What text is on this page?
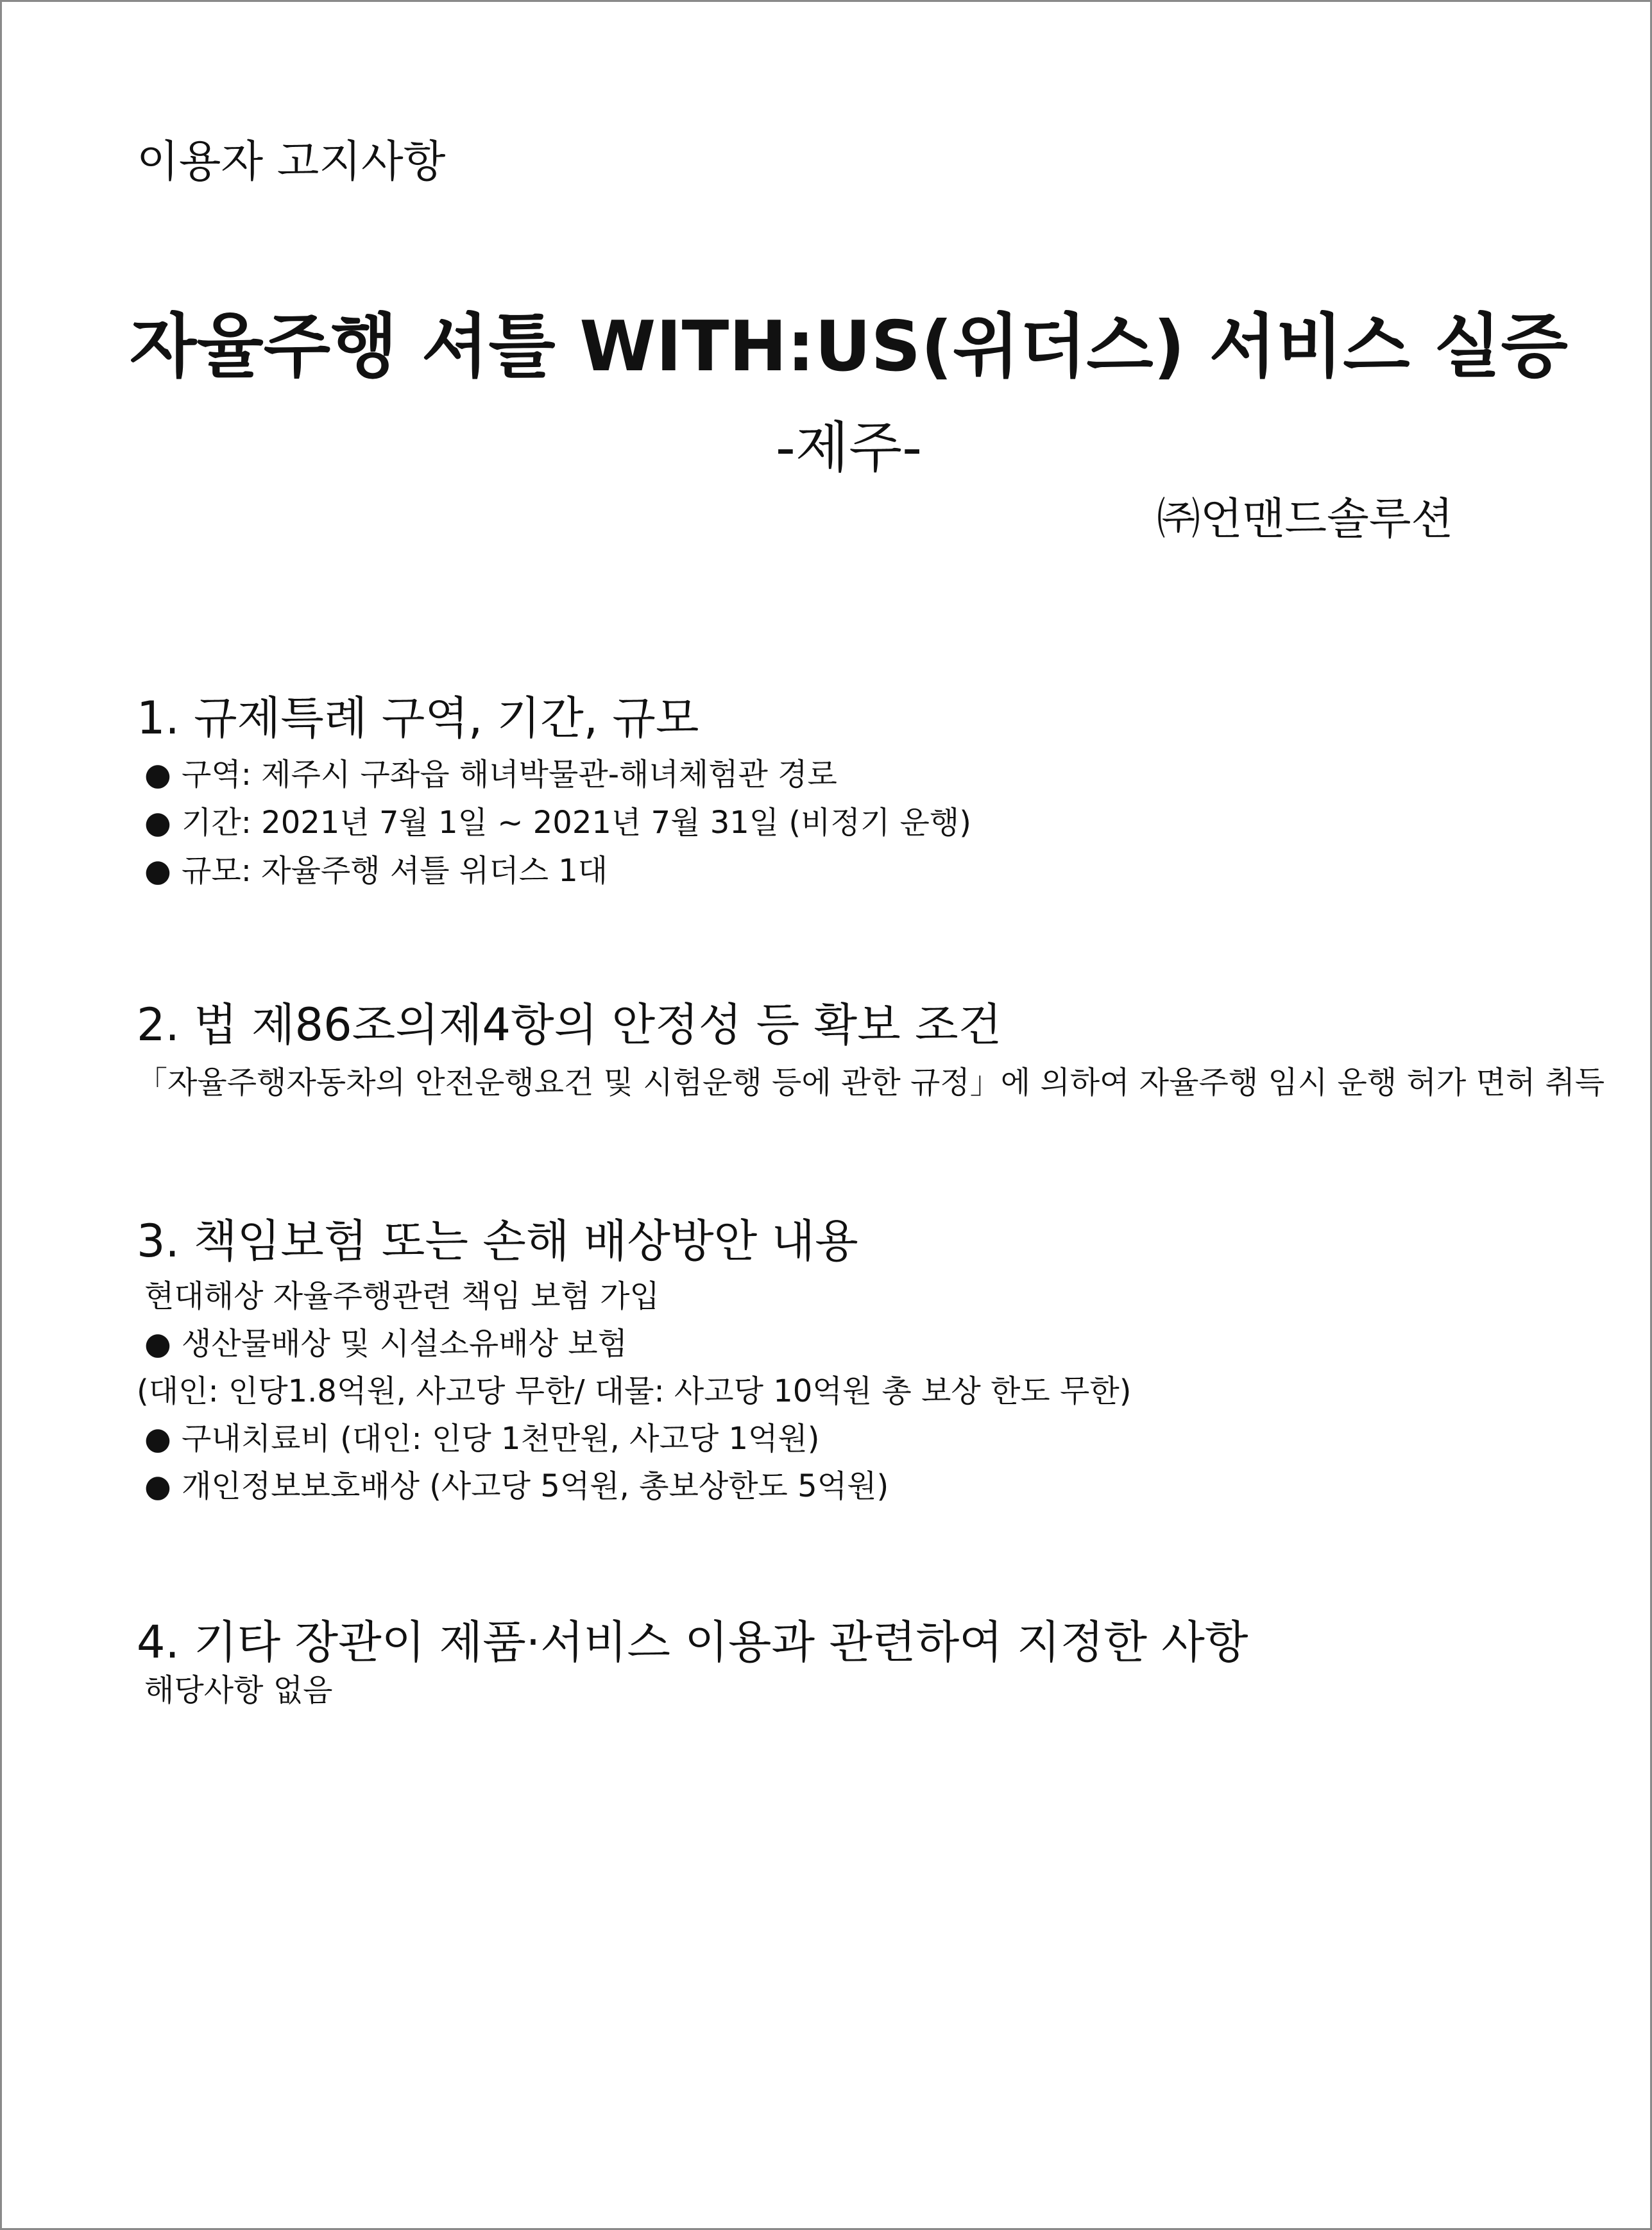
이용자 고지사항

자율주행 셔틀 WITH:US(위더스) 서비스 실증

-제주-

㈜언맨드솔루션

1. 규제특례 구역, 기간, 규모

● 구역: 제주시 구좌읍 해녀박물관-해녀체험관 경로

● 기간: 2021년 7월 1일 ~ 2021년 7월 31일 (비정기 운행)

● 규모: 자율주행 셔틀 위더스 1대

2. 법 제86조의제4항의 안정성 등 확보 조건

「자율주행자동차의 안전운행요건 및 시험운행 등에 관한 규정」에 의하여 자율주행 임시 운행 허가 면허 취득

3. 책임보험 또는 손해 배상방안 내용

현대해상 자율주행관련 책임 보험 가입

● 생산물배상 및 시설소유배상 보험

(대인: 인당1.8억원, 사고당 무한/ 대물: 사고당 10억원 총 보상 한도 무한)

● 구내치료비 (대인: 인당 1천만원, 사고당 1억원)

● 개인정보보호배상 (사고당 5억원, 총보상한도 5억원)

4. 기타 장관이 제품·서비스 이용과 관련하여 지정한 사항

해당사항 없음
